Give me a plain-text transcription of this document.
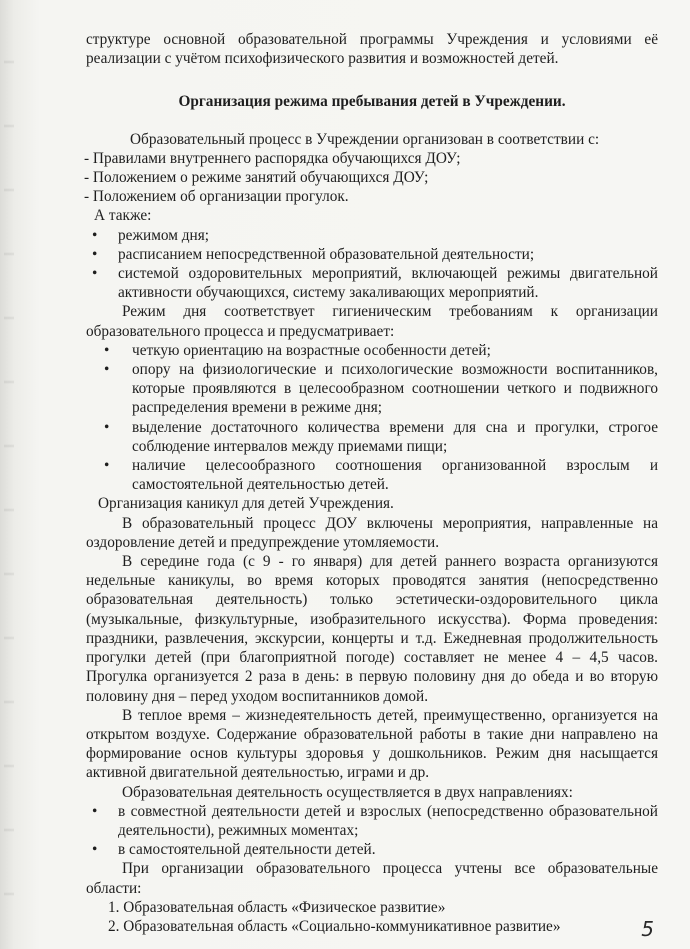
структуре основной образовательной программы Учреждения и условиями её реализации с учётом психофизического развития и возможностей детей.

Организация режима пребывания детей в Учреждении.

Образовательный процесс в Учреждении организован в соответствии с:

- Правилами внутреннего распорядка обучающихся ДОУ;

- Положением о режиме занятий обучающихся ДОУ;

- Положением об организации прогулок.

А также:

• режимом дня;
• расписанием непосредственной образовательной деятельности;
• системой оздоровительных мероприятий, включающей режимы двигательной активности обучающихся, систему закаливающих мероприятий.

Режим дня соответствует гигиеническим требованиям к организации образовательного процесса и предусматривает:

• четкую ориентацию на возрастные особенности детей;
• опору на физиологические и психологические возможности воспитанников, которые проявляются в целесообразном соотношении четкого и подвижного распределения времени в режиме дня;
• выделение достаточного количества времени для сна и прогулки, строгое соблюдение интервалов между приемами пищи;
• наличие целесообразного соотношения организованной взрослым и самостоятельной деятельностью детей.

Организация каникул для детей Учреждения.

В образовательный процесс ДОУ включены мероприятия, направленные на оздоровление детей и предупреждение утомляемости.

В середине года (с 9 - го января) для детей раннего возраста организуются недельные каникулы, во время которых проводятся занятия (непосредственно образовательная деятельность) только эстетически-оздоровительного цикла (музыкальные, физкультурные, изобразительного искусства). Форма проведения: праздники, развлечения, экскурсии, концерты и т.д. Ежедневная продолжительность прогулки детей (при благоприятной погоде) составляет не менее 4 – 4,5 часов. Прогулка организуется 2 раза в день: в первую половину дня до обеда и во вторую половину дня – перед уходом воспитанников домой.

В теплое время – жизнедеятельность детей, преимущественно, организуется на открытом воздухе. Содержание образовательной работы в такие дни направлено на формирование основ культуры здоровья у дошкольников. Режим дня насыщается активной двигательной деятельностью, играми и др.

Образовательная деятельность осуществляется в двух направлениях:

• в совместной деятельности детей и взрослых (непосредственно образовательной деятельности), режимных моментах;
• в самостоятельной деятельности детей.

При организации образовательного процесса учтены все образовательные области:

1. Образовательная область «Физическое развитие»
2. Образовательная область «Социально-коммуникативное развитие»	5
